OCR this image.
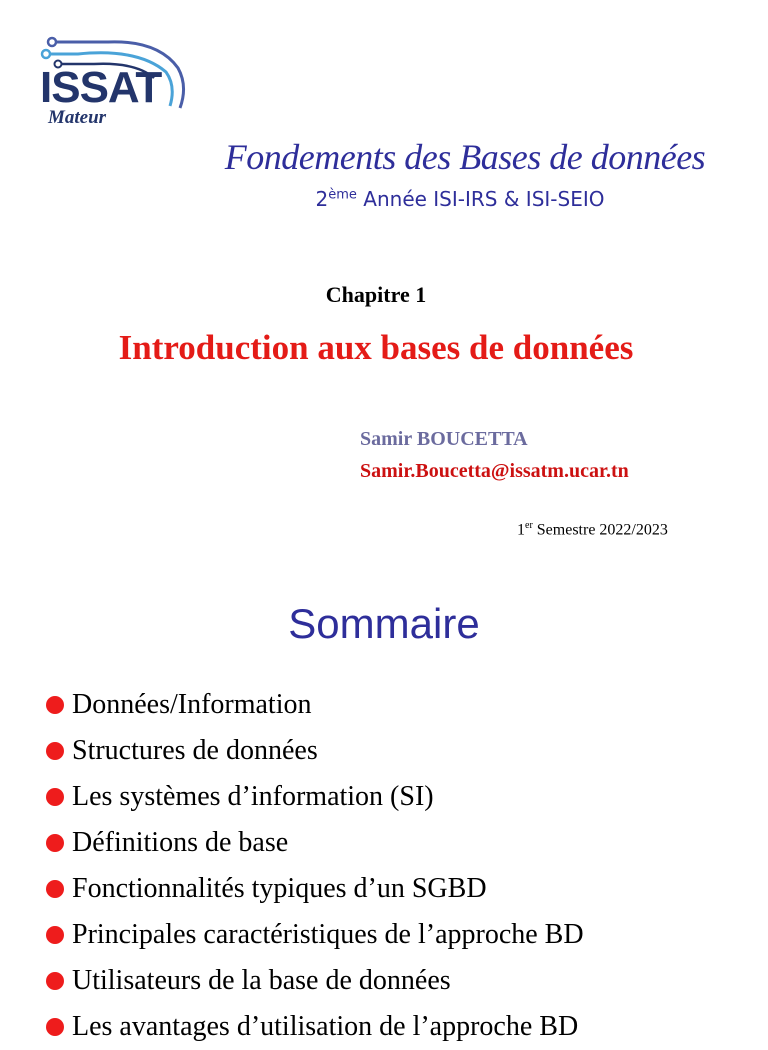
ISSAT
Mateur
Fondements des Bases de données
2ème Année ISI-IRS & ISI-SEIO
Chapitre 1
Introduction aux bases de données
Samir BOUCETTA
Samir.Boucetta@issatm.ucar.tn
1er Semestre 2022/2023
Sommaire
Données/Information
Structures de données
Les systèmes d’information (SI)
Définitions de base
Fonctionnalités typiques d’un SGBD
Principales caractéristiques de l’approche BD
Utilisateurs de la base de données
Les avantages d’utilisation de l’approche BD
